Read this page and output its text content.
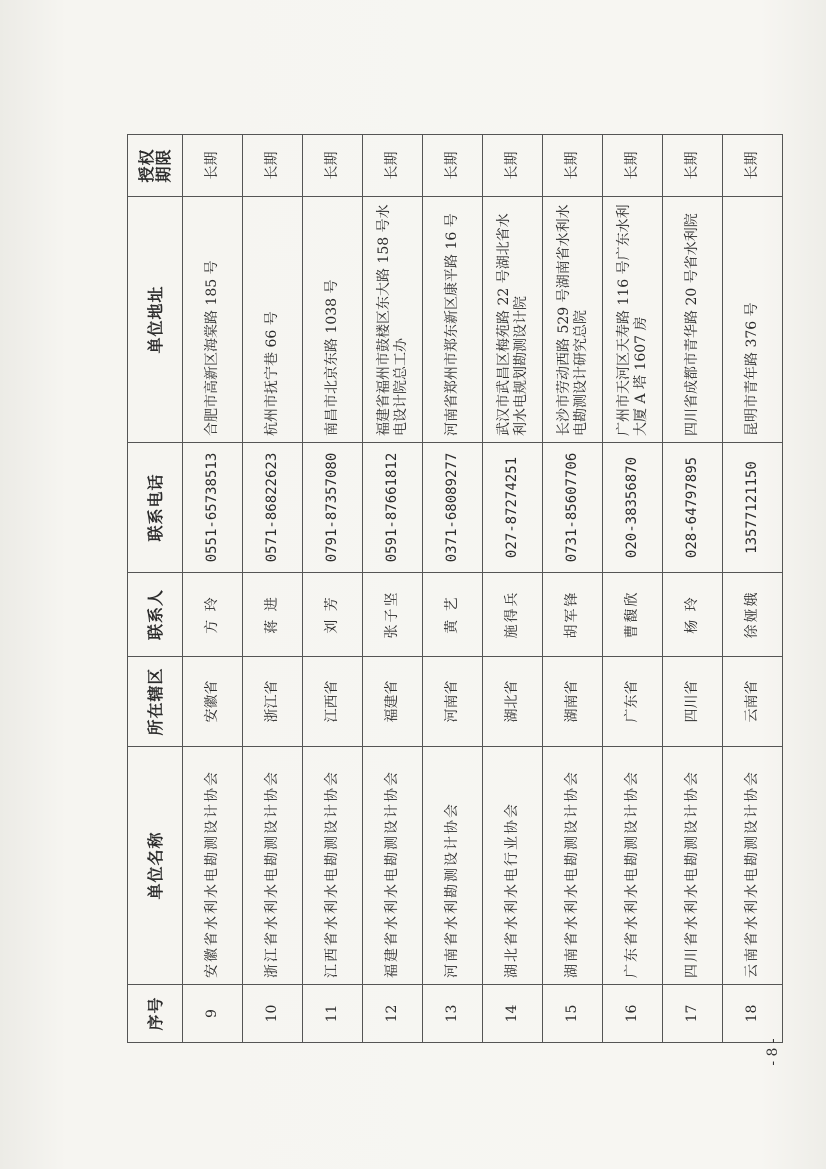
序号	单位名称	所在辖区	联系人	联系电话	单位地址	授权期限
9	安徽省水利水电勘测设计协会	安徽省	方 玲	0551-65738513	合肥市高新区海棠路 185 号	长期
10	浙江省水利水电勘测设计协会	浙江省	蒋 进	0571-86822623	杭州市抚宁巷 66 号	长期
11	江西省水利水电勘测设计协会	江西省	刘 芳	0791-87357080	南昌市北京东路 1038 号	长期
12	福建省水利水电勘测设计协会	福建省	张子坚	0591-87661812	福建省福州市鼓楼区东大路 158 号水电设计院总工办	长期
13	河南省水利勘测设计协会	河南省	黄 艺	0371-68089277	河南省郑州市郑东新区康平路 16 号	长期
14	湖北省水利水电行业协会	湖北省	施得兵	027-87274251	武汉市武昌区梅苑路 22 号湖北省水利水电规划勘测设计院	长期
15	湖南省水利水电勘测设计协会	湖南省	胡军锋	0731-85607706	长沙市劳动西路 529 号湖南省水利水电勘测设计研究总院	长期
16	广东省水利水电勘测设计协会	广东省	曹馥欣	020-38356870	广州市天河区天寿路 116 号广东水利大厦 A 塔 1607 房	长期
17	四川省水利水电勘测设计协会	四川省	杨 玲	028-64797895	四川省成都市青华路 20 号省水利院	长期
18	云南省水利水电勘测设计协会	云南省	徐娅娥	13577121150	昆明市青年路 376 号	长期
- 8 -
